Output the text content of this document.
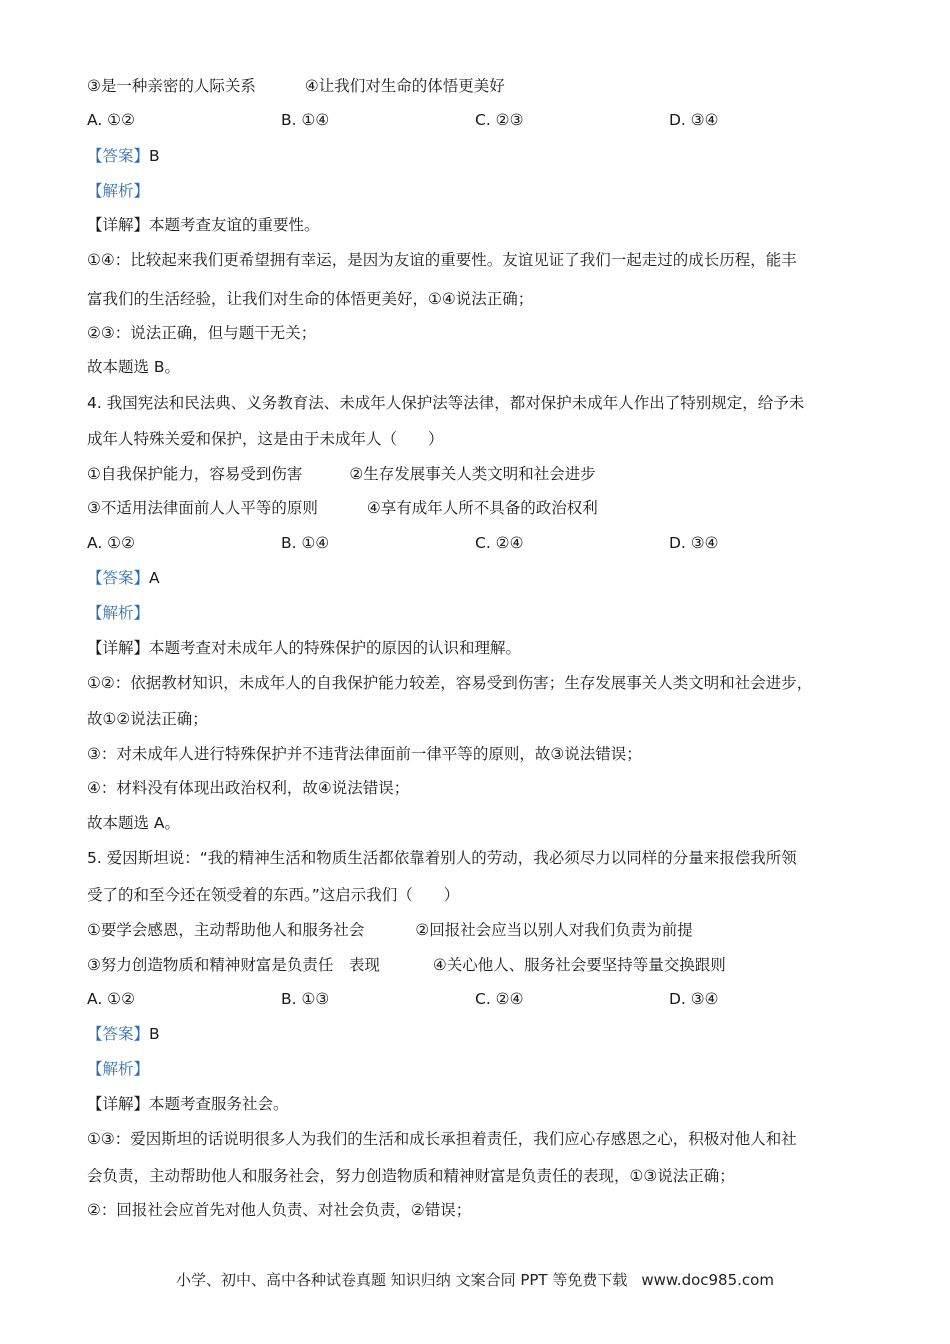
③是一种亲密的人际关系	④让我们对生命的体悟更美好
A. ①②	B. ①④	C. ②③	D. ③④
【答案】B
【解析】
【详解】本题考查友谊的重要性。
①④：比较起来我们更希望拥有幸运，是因为友谊的重要性。友谊见证了我们一起走过的成长历程，能丰
富我们的生活经验，让我们对生命的体悟更美好，①④说法正确；
②③：说法正确，但与题干无关；
故本题选 B。
4. 我国宪法和民法典、义务教育法、未成年人保护法等法律，都对保护未成年人作出了特别规定，给予未
成年人特殊关爱和保护，这是由于未成年人（　　）
①自我保护能力，容易受到伤害	②生存发展事关人类文明和社会进步
③不适用法律面前人人平等的原则	④享有成年人所不具备的政治权利
A. ①②	B. ①④	C. ②④	D. ③④
【答案】A
【解析】
【详解】本题考查对未成年人的特殊保护的原因的认识和理解。
①②：依据教材知识，未成年人的自我保护能力较差，容易受到伤害；生存发展事关人类文明和社会进步，
故①②说法正确；
③：对未成年人进行特殊保护并不违背法律面前一律平等的原则，故③说法错误；
④：材料没有体现出政治权利，故④说法错误；
故本题选 A。
5. 爱因斯坦说：“我的精神生活和物质生活都依靠着别人的劳动，我必须尽力以同样的分量来报偿我所领
受了的和至今还在领受着的东西。”这启示我们（　　）
①要学会感恩，主动帮助他人和服务社会	②回报社会应当以别人对我们负责为前提
③努力创造物质和精神财富是负责任　表现	④关心他人、服务社会要坚持等量交换跟则
A. ①②	B. ①③	C. ②④	D. ③④
【答案】B
【解析】
【详解】本题考查服务社会。
①③：爱因斯坦的话说明很多人为我们的生活和成长承担着责任，我们应心存感恩之心，积极对他人和社
会负责，主动帮助他人和服务社会，努力创造物质和精神财富是负责任的表现，①③说法正确；
②：回报社会应首先对他人负责、对社会负责，②错误；
小学、初中、高中各种试卷真题 知识归纳 文案合同 PPT 等免费下载 www.doc985.com
